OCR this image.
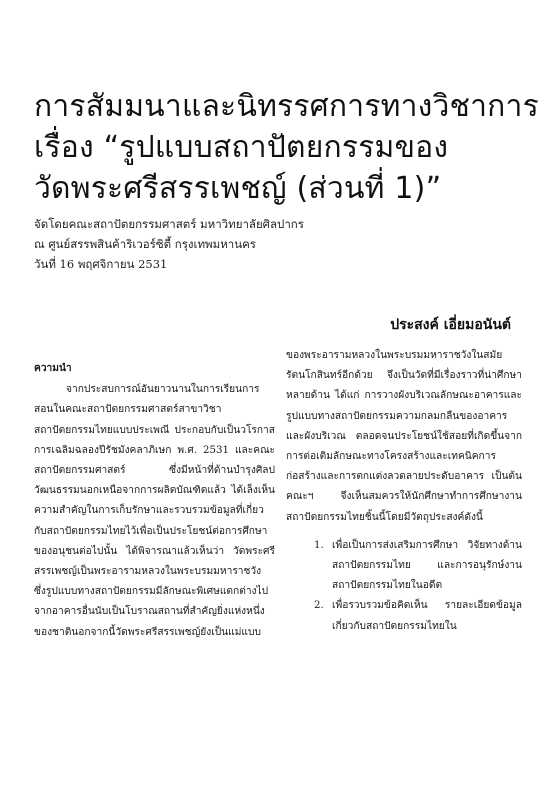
การสัมมนาและนิทรรศการทางวิชาการ
เรื่อง “รูปแบบสถาปัตยกรรมของ
วัดพระศรีสรรเพชญ์ (ส่วนที่ 1)”
จัดโดยคณะสถาปัตยกรรมศาสตร์ มหาวิทยาลัยศิลปากร
ณ ศูนย์สรรพสินค้าริเวอร์ซิตี้ กรุงเทพมหานคร
วันที่ 16 พฤศจิกายน 2531
ประสงค์ เอี่ยมอนันต์
ความนำ
จากประสบการณ์อันยาวนานในการเรียนการสอนในคณะสถาปัตยกรรมศาสตร์สาขาวิชาสถาปัตยกรรมไทยแบบประเพณี ประกอบกับเป็นวโรกาสการเฉลิมฉลองปีรัชมังคลาภิเษก พ.ศ. 2531 และคณะสถาปัตยกรรมศาสตร์ ซึ่งมีหน้าที่ด้านบำรุงศิลปวัฒนธรรมนอกเหนือจากการผลิตบัณฑิตแล้ว ได้เล็งเห็นความสำคัญในการเก็บรักษาและรวบรวมข้อมูลที่เกี่ยวกับสถาปัตยกรรมไทยไว้เพื่อเป็นประโยชน์ต่อการศึกษาของอนุชนต่อไปนั้น ได้พิจารณาแล้วเห็นว่า วัดพระศรีสรรเพชญ์เป็นพระอารามหลวงในพระบรมมหาราชวัง ซึ่งรูปแบบทางสถาปัตยกรรมมีลักษณะพิเศษแตกต่างไปจากอาคารอื่นนับเป็นโบราณสถานที่สำคัญยิ่งแห่งหนึ่งของชาตินอกจากนี้วัดพระศรีสรรเพชญ์ยังเป็นแม่แบบ
ของพระอารามหลวงในพระบรมมหาราชวังในสมัยรัตนโกสินทร์อีกด้วย จึงเป็นวัดที่มีเรื่องราวที่น่าศึกษาหลายด้าน ได้แก่ การวางผังบริเวณลักษณะอาคารและรูปแบบทางสถาปัตยกรรมความกลมกลืนของอาคารและผังบริเวณ ตลอดจนประโยชน์ใช้สอยที่เกิดขึ้นจากการต่อเติมลักษณะทางโครงสร้างและเทคนิคการก่อสร้างและการตกแต่งลวดลายประดับอาคาร เป็นต้น คณะฯ จึงเห็นสมควรให้นักศึกษาทำการศึกษางานสถาปัตยกรรมไทยชิ้นนี้โดยมีวัตถุประสงค์ดังนี้
1. เพื่อเป็นการส่งเสริมการศึกษา วิจัยทางด้านสถาปัตยกรรมไทย และการอนุรักษ์งานสถาปัตยกรรมไทยในอดีต
2. เพื่อรวบรวมข้อคิดเห็น รายละเอียดข้อมูลเกี่ยวกับสถาปัตยกรรมไทยใน
